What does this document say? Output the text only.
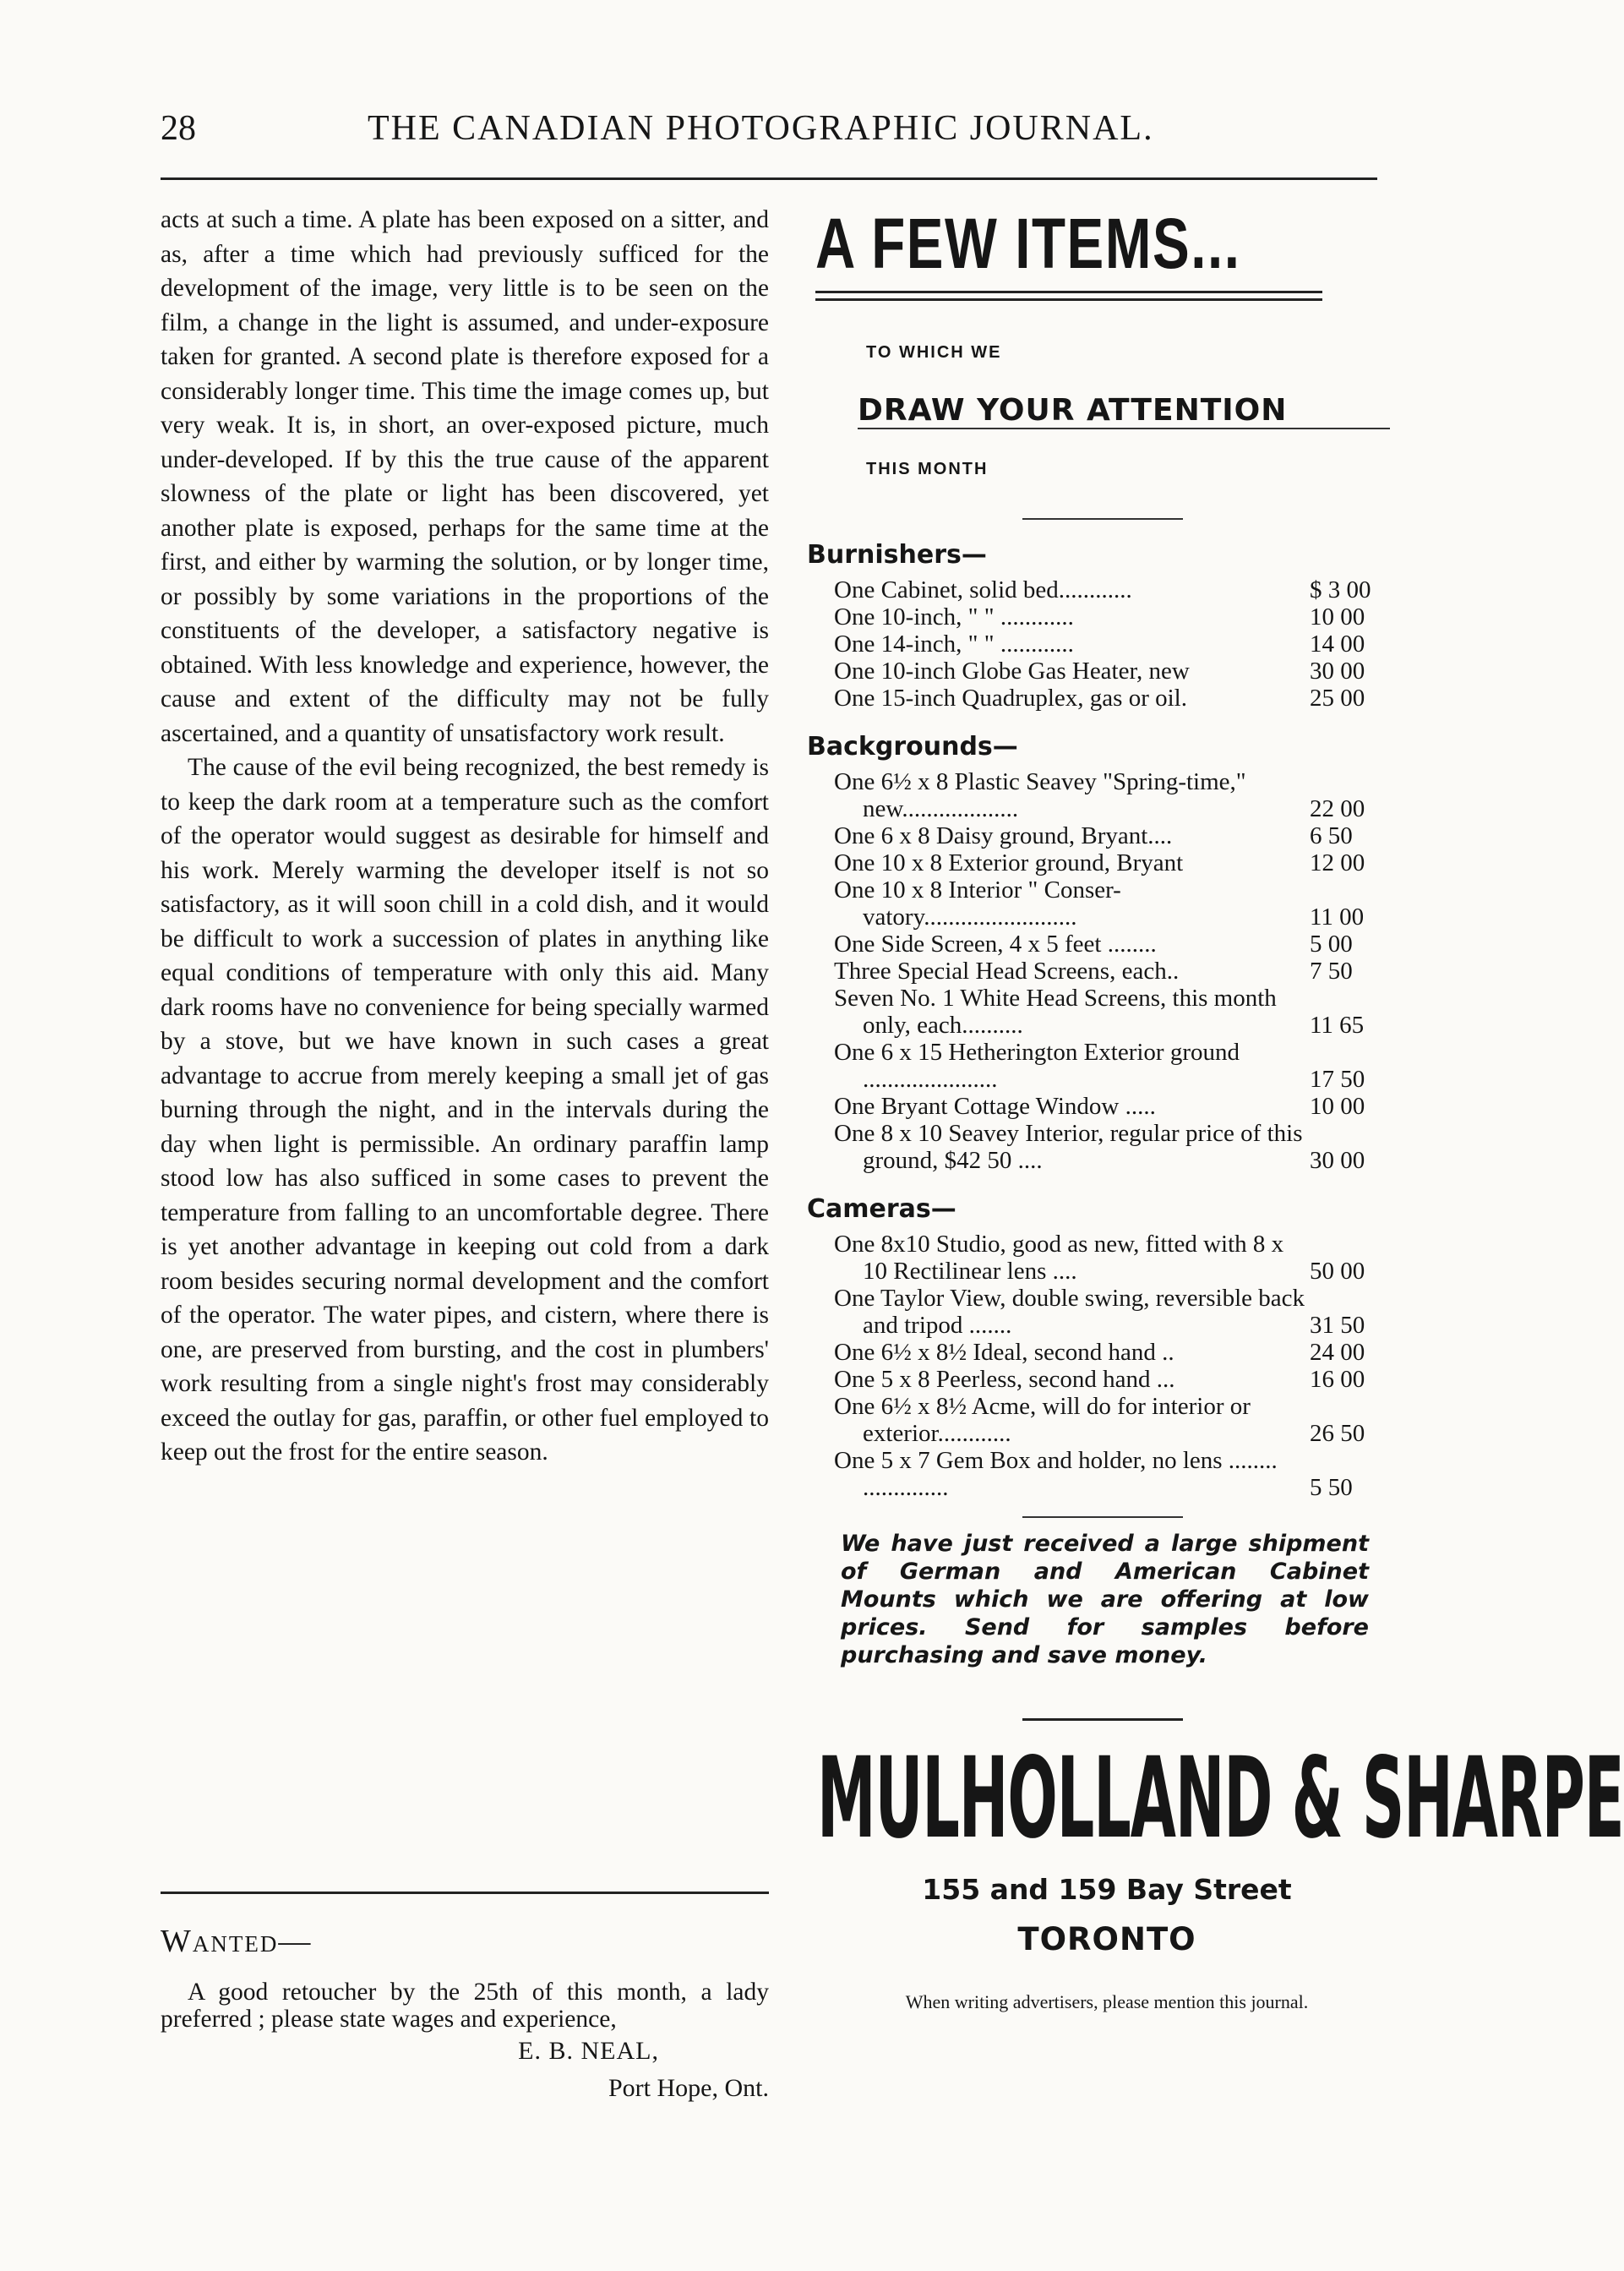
28	THE CANADIAN PHOTOGRAPHIC JOURNAL.

acts at such a time. A plate has been exposed on a sitter, and as, after a time which had previously sufficed for the development of the image, very little is to be seen on the film, a change in the light is assumed, and under-exposure taken for granted. A second plate is therefore exposed for a considerably longer time. This time the image comes up, but very weak. It is, in short, an over-exposed picture, much under-developed. If by this the true cause of the apparent slowness of the plate or light has been discovered, yet another plate is exposed, perhaps for the same time at the first, and either by warming the solution, or by longer time, or possibly by some variations in the proportions of the constituents of the developer, a satisfactory negative is obtained. With less knowledge and experience, however, the cause and extent of the difficulty may not be fully ascertained, and a quantity of unsatisfactory work result.

The cause of the evil being recognized, the best remedy is to keep the dark room at a temperature such as the comfort of the operator would suggest as desirable for himself and his work. Merely warming the developer itself is not so satisfactory, as it will soon chill in a cold dish, and it would be difficult to work a succession of plates in anything like equal conditions of temperature with only this aid. Many dark rooms have no convenience for being specially warmed by a stove, but we have known in such cases a great advantage to accrue from merely keeping a small jet of gas burning through the night, and in the intervals during the day when light is permissible. An ordinary paraffin lamp stood low has also sufficed in some cases to prevent the temperature from falling to an uncomfortable degree. There is yet another advantage in keeping out cold from a dark room besides securing normal development and the comfort of the operator. The water pipes, and cistern, where there is one, are preserved from bursting, and the cost in plumbers' work resulting from a single night's frost may considerably exceed the outlay for gas, paraffin, or other fuel employed to keep out the frost for the entire season.

Wanted—

A good retoucher by the 25th of this month, a lady preferred ; please state wages and experience,

E. B. NEAL,
Port Hope, Ont.
A FEW ITEMS...
TO WHICH WE
DRAW YOUR ATTENTION
THIS MONTH
Burnishers—
One Cabinet, solid bed............	$ 3 00
One 10-inch, " " ............	10 00
One 14-inch, " " ............	14 00
One 10-inch Globe Gas Heater, new	30 00
One 15-inch Quadruplex, gas or oil.	25 00
Backgrounds—
One 6½ x 8 Plastic Seavey "Spring-time," new...................	22 00
One 6 x 8 Daisy ground, Bryant....	6 50
One 10 x 8 Exterior ground, Bryant	12 00
One 10 x 8 Interior " Conser-vatory.........................	11 00
One Side Screen, 4 x 5 feet ........	5 00
Three Special Head Screens, each..	7 50
Seven No. 1 White Head Screens, this month only, each..........	11 65
One 6 x 15 Hetherington Exterior ground ......................	17 50
One Bryant Cottage Window .....	10 00
One 8 x 10 Seavey Interior, regular price of this ground, $42 50 ....	30 00
Cameras—
One 8x10 Studio, good as new, fitted with 8 x 10 Rectilinear lens ....	50 00
One Taylor View, double swing, reversible back and tripod .......	31 50
One 6½ x 8½ Ideal, second hand ..	24 00
One 5 x 8 Peerless, second hand ...	16 00
One 6½ x 8½ Acme, will do for interior or exterior............	26 50
One 5 x 7 Gem Box and holder, no lens ........ ..............	5 50
We have just received a large shipment of German and American Cabinet Mounts which we are offering at low prices. Send for samples before purchasing and save money.
MULHOLLAND & SHARPE
155 and 159 Bay Street
TORONTO
When writing advertisers, please mention this journal.
